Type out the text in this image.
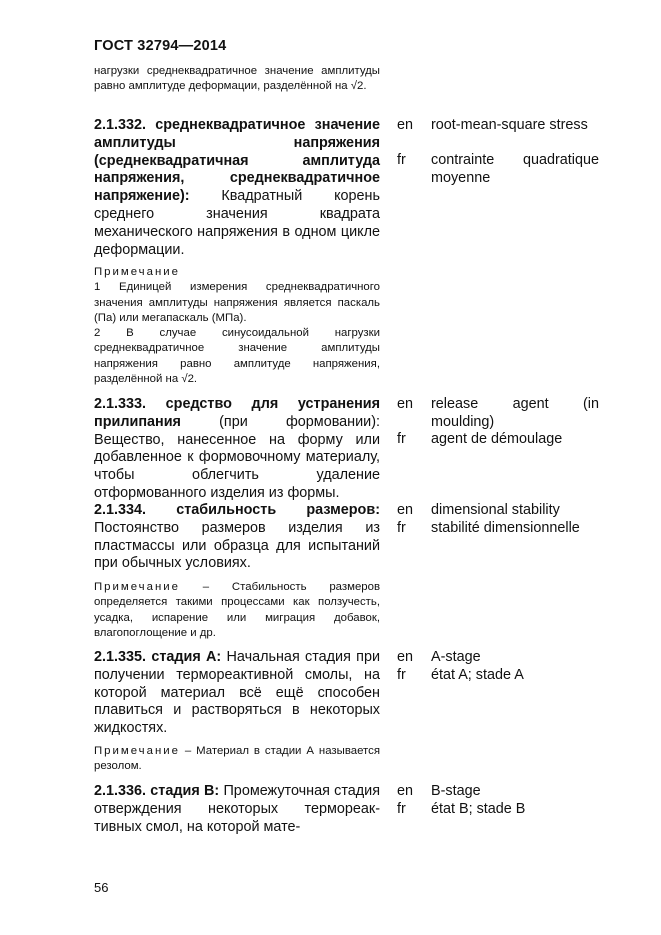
ГОСТ 32794—2014

нагрузки среднеквадратичное значение амплитуды равно амплитуде деформации, разделённой на √2.

2.1.332. среднеквадратичное значение амплитуды напряжения (среднеквадратичная амплитуда напряжения, среднеквадратичное напряжение): Квадратный корень среднего значения квадрата механического напряжения в одном цикле деформации.

Примечание

1 Единицей измерения среднеквадратичного значения амплитуды напряжения является паскаль (Па) или мегапаскаль (МПа).

2 В случае синусоидальной нагрузки среднеквадратичное значение амплитуды напряжения равно амплитуде напряжения, разделённой на √2.

en root-mean-square stress
fr contrainte quadratique moyenne

2.1.333. средство для устранения прилипания	(при формовании): Вещество, нанесенное на форму или добавленное к формовочному материалу, чтобы облегчить удаление отформованного изделия из формы.

en release agent (in moulding)
fr agent de démoulage

2.1.334. стабильность размеров: Постоянство размеров изделия из пластмассы или образца для испытаний при обычных условиях.

Примечание – Стабильность размеров определяется такими процессами как ползучесть, усадка, испарение или миграция добавок, влагопоглощение и др.

en dimensional stability
fr stabilité dimensionnelle

2.1.335. стадия А: Начальная стадия при получении термореактивной смолы, на которой материал всё ещё способен плавиться и растворяться в некоторых жидкостях.

Примечание – Материал в стадии А называется резолом.

en A-stage
fr état A; stade A

2.1.336. стадия В: Промежуточная стадия отверждения некоторых термореак-тивных смол, на которой мате-

en B-stage
fr état B; stade B
56
